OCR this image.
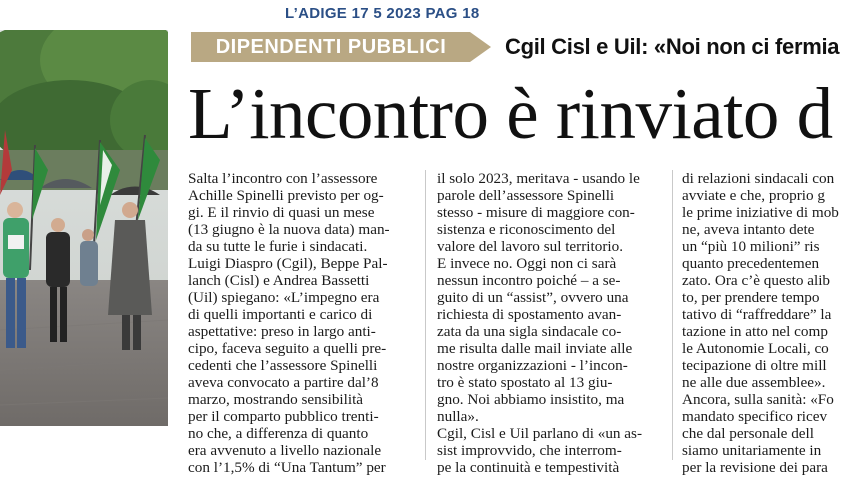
L’ADIGE 17 5 2023 PAG 18
DIPENDENTI PUBBLICI	Cgil Cisl e Uil: «Noi non ci fermia
L’incontro è rinviato d
Salta l’incontro con l’assessore
Achille Spinelli previsto per og-
gi. E il rinvio di quasi un mese
(13 giugno è la nuova data) man-
da su tutte le furie i sindacati.
Luigi Diaspro (Cgil), Beppe Pal-
lanch (Cisl) e Andrea Bassetti
(Uil) spiegano: «L’impegno era
di quelli importanti e carico di
aspettative: preso in largo anti-
cipo, faceva seguito a quelli pre-
cedenti che l’assessore Spinelli
aveva convocato a partire dal’8
marzo, mostrando sensibilità
per il comparto pubblico trenti-
no che, a differenza di quanto
era avvenuto a livello nazionale
con l’1,5% di “Una Tantum” per
il solo 2023, meritava - usando le
parole dell’assessore Spinelli
stesso - misure di maggiore con-
sistenza e riconoscimento del
valore del lavoro sul territorio.
E invece no. Oggi non ci sarà
nessun incontro poiché – a se-
guito di un “assist”, ovvero una
richiesta di spostamento avan-
zata da una sigla sindacale co-
me risulta dalle mail inviate alle
nostre organizzazioni - l’incon-
tro è stato spostato al 13 giu-
gno. Noi abbiamo insistito, ma
nulla».
Cgil, Cisl e Uil parlano di «un as-
sist improvvido, che interrom-
pe la continuità e tempestività
di relazioni sindacali con
avviate e che, proprio g
le prime iniziative di mob
ne, aveva intanto dete
un “più 10 milioni” ris
quanto precedentemen
zato. Ora c’è questo alib
to, per prendere tempo
tativo di “raffreddare” la
tazione in atto nel comp
le Autonomie Locali, co
tecipazione di oltre mill
ne alle due assemblee».
Ancora, sulla sanità: «Fo
mandato specifico ricev
che dal personale dell
siamo unitariamente in
per la revisione dei para
